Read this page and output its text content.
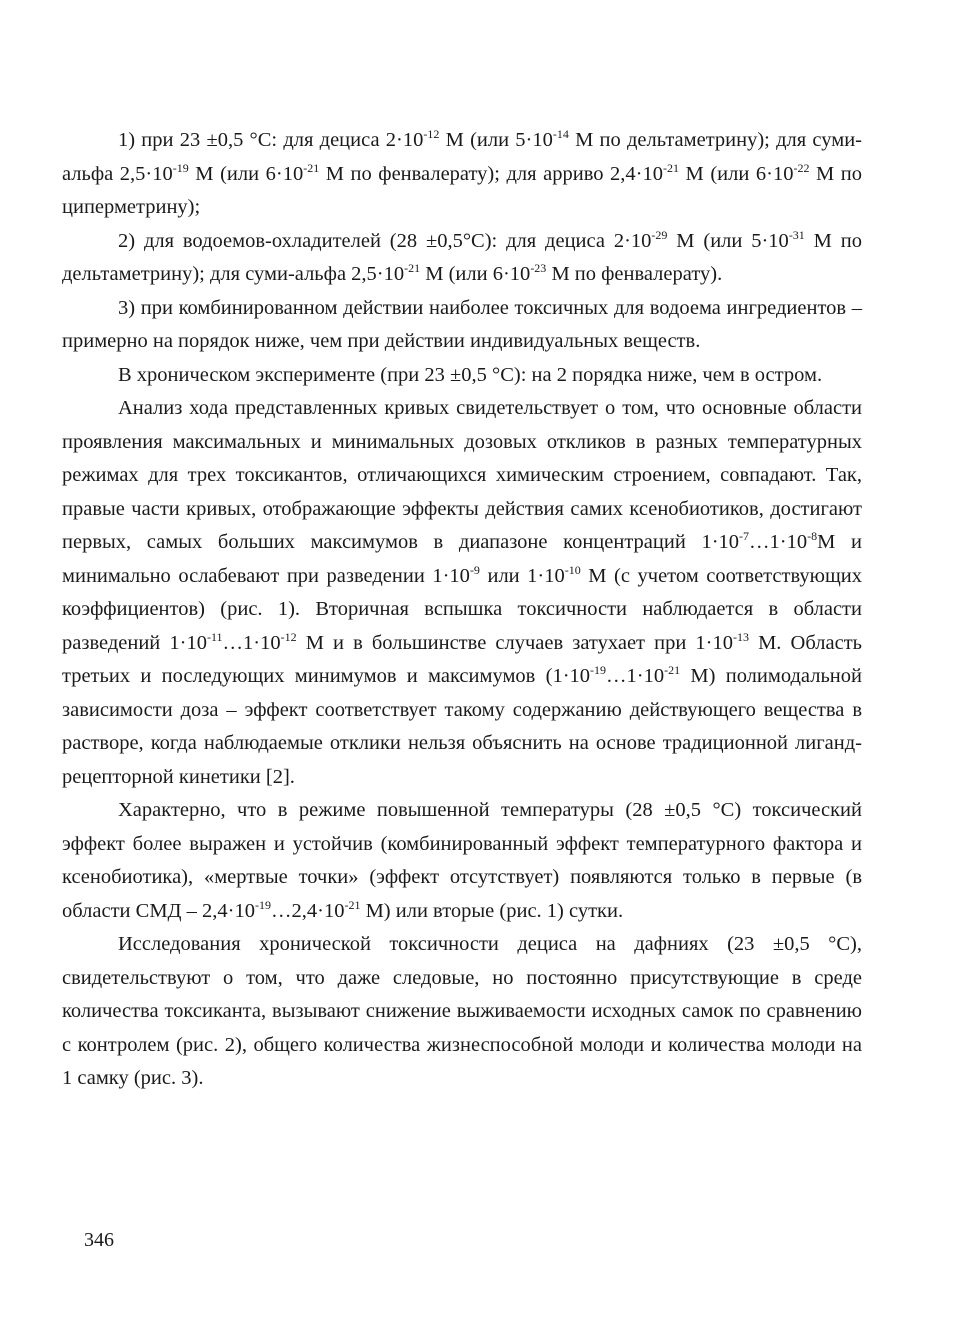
1) при 23 ±0,5 °С: для дециса $2\cdot 10^{-12}$ М (или $5\cdot 10^{-14}$ М по дельтаметрину); для суми-альфа $2,5\cdot 10^{-19}$ М (или $6\cdot 10^{-21}$ М по фенвалерату); для арриво $2,4\cdot 10^{-21}$ М (или $6\cdot 10^{-22}$ М по циперметрину);

2) для водоемов-охладителей (28 ±0,5°С): для дециса $2\cdot 10^{-29}$ М (или $5\cdot 10^{-31}$ М по дельтаметрину); для суми-альфа $2,5\cdot 10^{-21}$ М (или $6\cdot 10^{-23}$ М по фенвалерату).

3) при комбинированном действии наиболее токсичных для водоема ингредиентов – примерно на порядок ниже, чем при действии индивидуальных веществ.

В хроническом эксперименте (при 23 ±0,5 °С): на 2 порядка ниже, чем в остром.

Анализ хода представленных кривых свидетельствует о том, что основные области проявления максимальных и минимальных дозовых откликов в разных температурных режимах для трех токсикантов, отличающихся химическим строением, совпадают. Так, правые части кривых, отображающие эффекты действия самих ксенобиотиков, достигают первых, самых больших максимумов в диапазоне концентраций $1\cdot 10^{-7}\dots 1\cdot 10^{-8}М$ и минимально ослабевают при разведении $1\cdot 10^{-9}$ или $1\cdot 10^{-10}$ М (с учетом соответствующих коэффициентов) (рис. 1). Вторичная вспышка токсичности наблюдается в области разведений $1\cdot 10^{-11}\dots 1\cdot 10^{-12}$ М и в большинстве случаев затухает при $1\cdot 10^{-13}$ М. Область третьих и последующих минимумов и максимумов ($1\cdot 10^{-19}\dots 1\cdot 10^{-21}$ М) полимодальной зависимости доза – эффект соответствует такому содержанию действующего вещества в растворе, когда наблюдаемые отклики нельзя объяснить на основе традиционной лиганд-рецепторной кинетики [2].

Характерно, что в режиме повышенной температуры (28 ±0,5 °С) токсический эффект более выражен и устойчив (комбинированный эффект температурного фактора и ксенобиотика), «мертвые точки» (эффект отсутствует) появляются только в первые (в области СМД – $2,4\cdot 10^{-19}\dots 2,4\cdot 10^{-21}$ М) или вторые (рис. 1) сутки.

Исследования хронической токсичности дециса на дафниях (23 ±0,5 °С), свидетельствуют о том, что даже следовые, но постоянно присутствующие в среде количества токсиканта, вызывают снижение выживаемости исходных самок по сравнению с контролем (рис. 2), общего количества жизнеспособной молоди и количества молоди на 1 самку (рис. 3).

346
